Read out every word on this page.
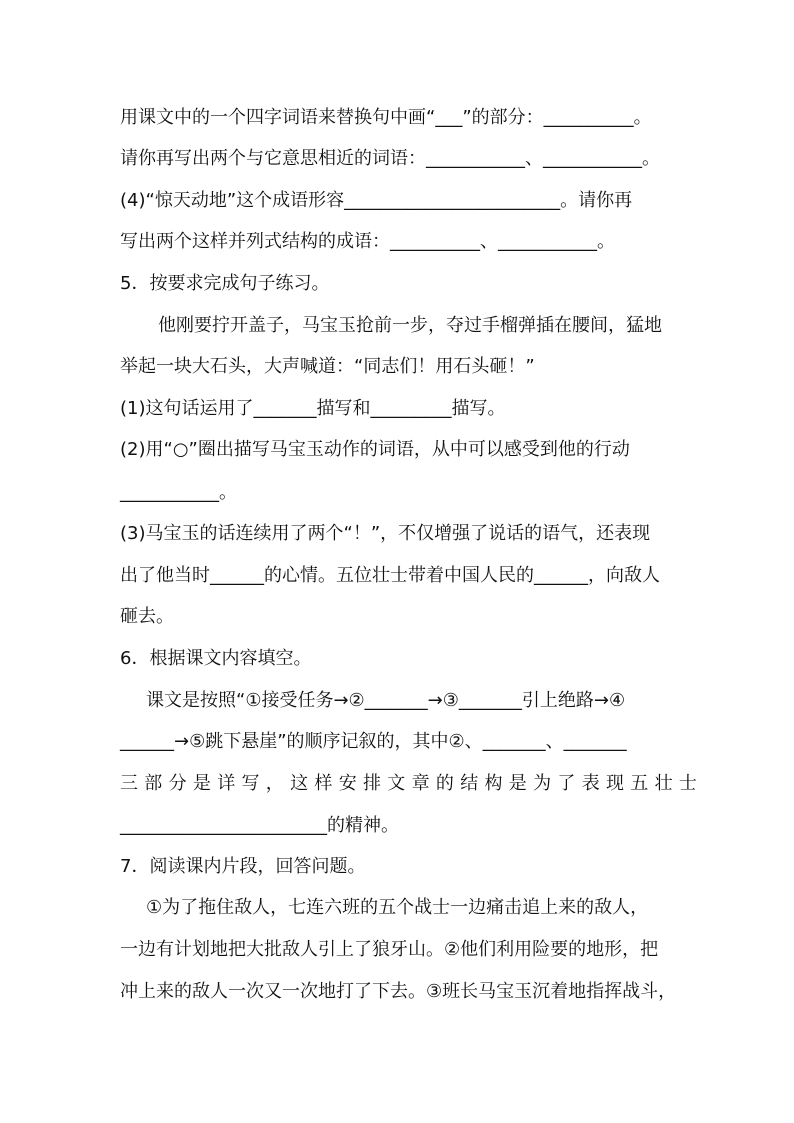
用课文中的一个四字词语来替换句中画“___”的部分：__________。
请你再写出两个与它意思相近的词语：___________、___________。
(4)“惊天动地”这个成语形容________________________。请你再
写出两个这样并列式结构的成语：__________、___________。
5．按要求完成句子练习。
他刚要拧开盖子，马宝玉抢前一步，夺过手榴弹插在腰间，猛地
举起一块大石头，大声喊道：“同志们！用石头砸！”
(1)这句话运用了_______描写和_________描写。
(2)用“○”圈出描写马宝玉动作的词语，从中可以感受到他的行动
___________。
(3)马宝玉的话连续用了两个“！”，不仅增强了说话的语气，还表现
出了他当时______的心情。五位壮士带着中国人民的______，向敌人
砸去。
6．根据课文内容填空。
课文是按照“①接受任务→②_______→③_______引上绝路→④
______→⑤跳下悬崖”的顺序记叙的，其中②、_______、_______
三部分是详写，这样安排文章的结构是为了表现五壮士
_______________________的精神。
7．阅读课内片段，回答问题。
①为了拖住敌人，七连六班的五个战士一边痛击追上来的敌人，
一边有计划地把大批敌人引上了狼牙山。②他们利用险要的地形，把
冲上来的敌人一次又一次地打了下去。③班长马宝玉沉着地指挥战斗，
